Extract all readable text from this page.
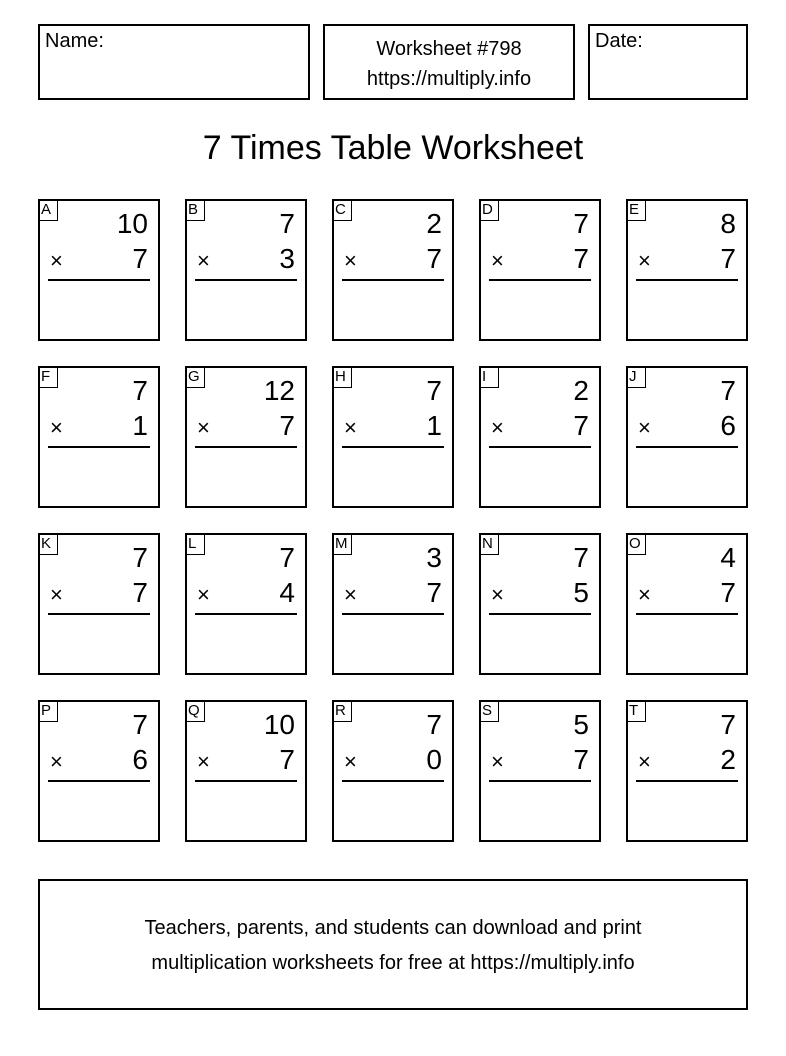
Name:	Worksheet #798
https://multiply.info
Date:
7 Times Table Worksheet
A 10
× 7
B	7
× 3
C	2
× 7
D	7
× 7
E	8
× 7
F	7
× 1
G 12
× 7
H	7
× 1
I	2
× 7
J	7
× 6
K	7
× 7
L	7
× 4
M	3
× 7
N	7
× 5
O	4
× 7
P	7
× 6
Q 10
× 7
R	7
× 0
S	5
× 7
T	7
× 2
Teachers, parents, and students can download and print
multiplication worksheets for free at https://multiply.info
